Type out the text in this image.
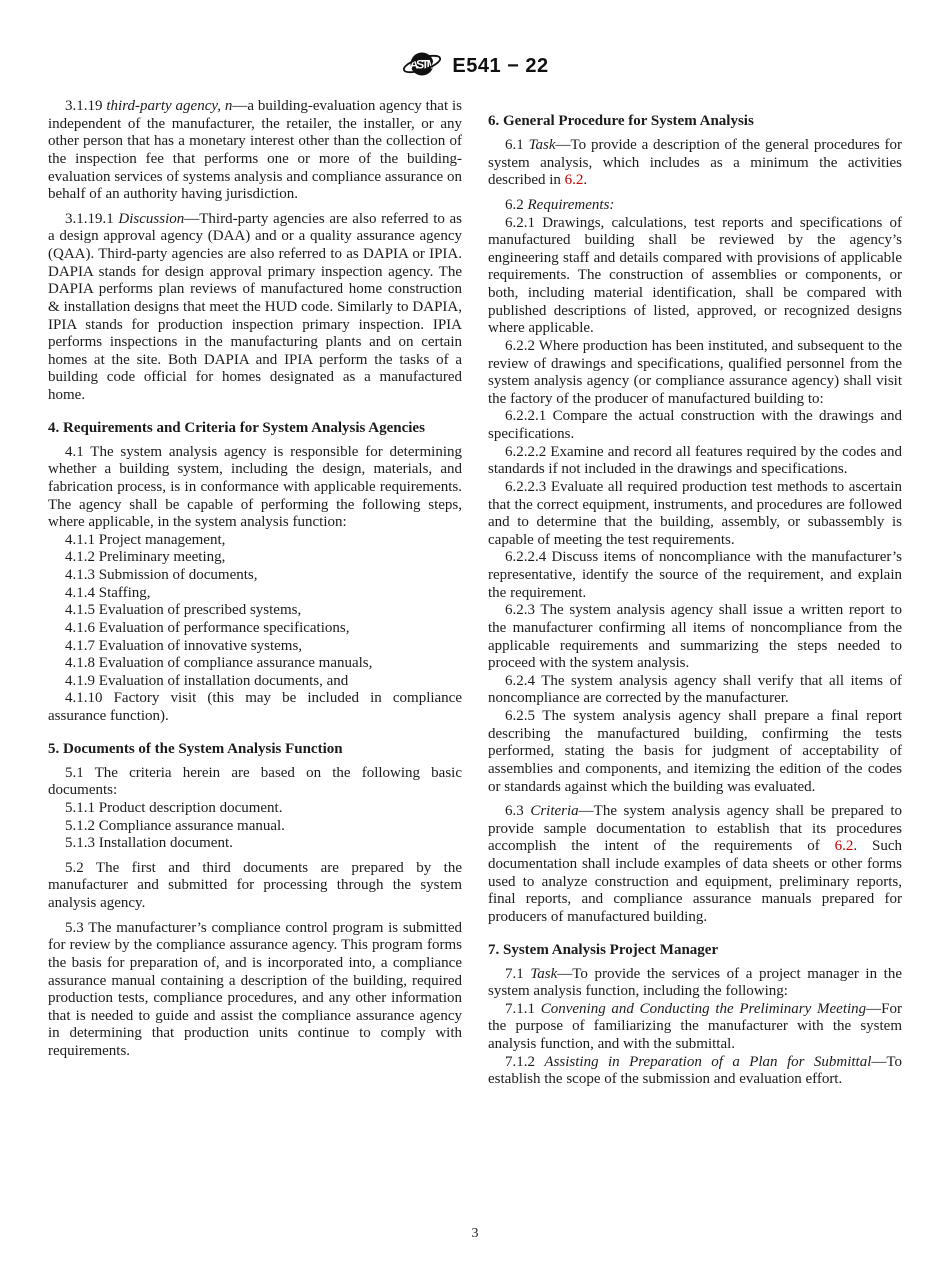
ASTM E541 − 22

3.1.19 third-party agency, n—a building-evaluation agency that is independent of the manufacturer, the retailer, the installer, or any other person that has a monetary interest other than the collection of the inspection fee that performs one or more of the building-evaluation services of systems analysis and compliance assurance on behalf of an authority having jurisdiction.

3.1.19.1 Discussion—Third-party agencies are also referred to as a design approval agency (DAA) and or a quality assurance agency (QAA). Third-party agencies are also referred to as DAPIA or IPIA. DAPIA stands for design approval primary inspection agency. The DAPIA performs plan reviews of manufactured home construction & installation designs that meet the HUD code. Similarly to DAPIA, IPIA stands for production inspection primary inspection. IPIA performs inspections in the manufacturing plants and on certain homes at the site. Both DAPIA and IPIA perform the tasks of a building code official for homes designated as a manufactured home.

4. Requirements and Criteria for System Analysis Agencies

4.1 The system analysis agency is responsible for determining whether a building system, including the design, materials, and fabrication process, is in conformance with applicable requirements. The agency shall be capable of performing the following steps, where applicable, in the system analysis function:

4.1.1 Project management,

4.1.2 Preliminary meeting,

4.1.3 Submission of documents,

4.1.4 Staffing,

4.1.5 Evaluation of prescribed systems,

4.1.6 Evaluation of performance specifications,

4.1.7 Evaluation of innovative systems,

4.1.8 Evaluation of compliance assurance manuals,

4.1.9 Evaluation of installation documents, and

4.1.10 Factory visit (this may be included in compliance assurance function).

5. Documents of the System Analysis Function

5.1 The criteria herein are based on the following basic documents:

5.1.1 Product description document.

5.1.2 Compliance assurance manual.

5.1.3 Installation document.

5.2 The first and third documents are prepared by the manufacturer and submitted for processing through the system analysis agency.

5.3 The manufacturer’s compliance control program is submitted for review by the compliance assurance agency. This program forms the basis for preparation of, and is incorporated into, a compliance assurance manual containing a description of the building, required production tests, compliance procedures, and any other information that is needed to guide and assist the compliance assurance agency in determining that production units continue to comply with requirements.

6. General Procedure for System Analysis

6.1 Task—To provide a description of the general procedures for system analysis, which includes as a minimum the activities described in 6.2.

6.2 Requirements:

6.2.1 Drawings, calculations, test reports and specifications of manufactured building shall be reviewed by the agency’s engineering staff and details compared with provisions of applicable requirements. The construction of assemblies or components, or both, including material identification, shall be compared with published descriptions of listed, approved, or recognized designs where applicable.

6.2.2 Where production has been instituted, and subsequent to the review of drawings and specifications, qualified personnel from the system analysis agency (or compliance assurance agency) shall visit the factory of the producer of manufactured building to:

6.2.2.1 Compare the actual construction with the drawings and specifications.

6.2.2.2 Examine and record all features required by the codes and standards if not included in the drawings and specifications.

6.2.2.3 Evaluate all required production test methods to ascertain that the correct equipment, instruments, and procedures are followed and to determine that the building, assembly, or subassembly is capable of meeting the test requirements.

6.2.2.4 Discuss items of noncompliance with the manufacturer’s representative, identify the source of the requirement, and explain the requirement.

6.2.3 The system analysis agency shall issue a written report to the manufacturer confirming all items of noncompliance from the applicable requirements and summarizing the steps needed to proceed with the system analysis.

6.2.4 The system analysis agency shall verify that all items of noncompliance are corrected by the manufacturer.

6.2.5 The system analysis agency shall prepare a final report describing the manufactured building, confirming the tests performed, stating the basis for judgment of acceptability of assemblies and components, and itemizing the edition of the codes or standards against which the building was evaluated.

6.3 Criteria—The system analysis agency shall be prepared to provide sample documentation to establish that its procedures accomplish the intent of the requirements of 6.2. Such documentation shall include examples of data sheets or other forms used to analyze construction and equipment, preliminary reports, final reports, and compliance assurance manuals prepared for producers of manufactured building.

7. System Analysis Project Manager

7.1 Task—To provide the services of a project manager in the system analysis function, including the following:

7.1.1 Convening and Conducting the Preliminary Meeting—For the purpose of familiarizing the manufacturer with the system analysis function, and with the submittal.

7.1.2 Assisting in Preparation of a Plan for Submittal—To establish the scope of the submission and evaluation effort.

3
